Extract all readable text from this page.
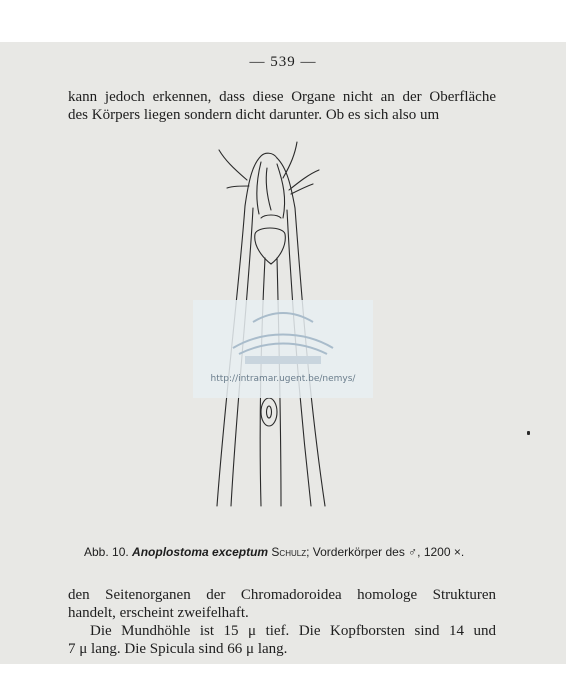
— 539 —
kann jedoch erkennen, dass diese Organe nicht an der Oberfläche
des Körpers liegen sondern dicht darunter. Ob es sich also um
http://intramar.ugent.be/nemys/
Abb. 10. Anoplostoma exceptum Schulz; Vorderkörper des ♂, 1200 ×.
den Seitenorganen der Chromadoroidea homologe Strukturen
handelt, erscheint zweifelhaft.
Die Mundhöhle ist 15 μ tief. Die Kopfborsten sind 14 und
7 μ lang. Die Spicula sind 66 μ lang.
